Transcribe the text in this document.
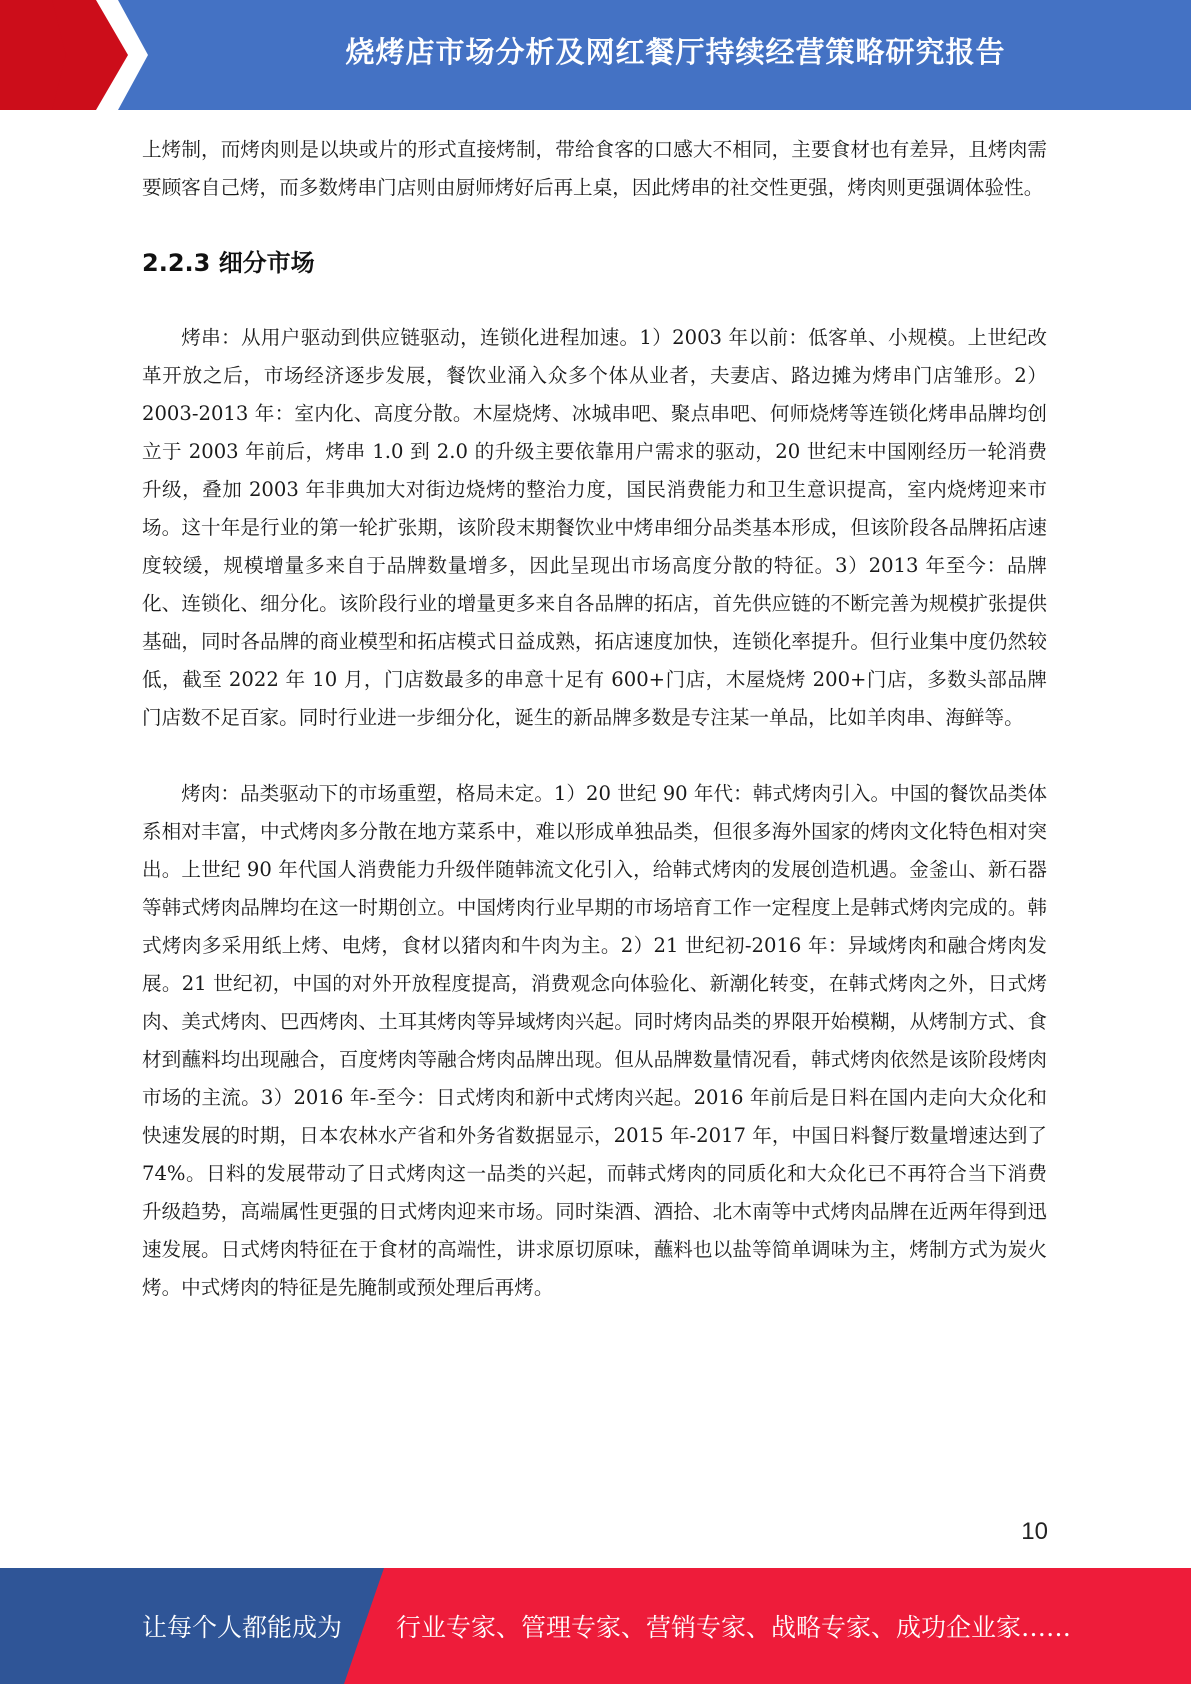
烧烤店市场分析及网红餐厅持续经营策略研究报告

上烤制，而烤肉则是以块或片的形式直接烤制，带给食客的口感大不相同，主要食材也有差异，且烤肉需要顾客自己烤，而多数烤串门店则由厨师烤好后再上桌，因此烤串的社交性更强，烤肉则更强调体验性。

2.2.3 细分市场

烤串：从用户驱动到供应链驱动，连锁化进程加速。1）2003 年以前：低客单、小规模。上世纪改革开放之后，市场经济逐步发展，餐饮业涌入众多个体从业者，夫妻店、路边摊为烤串门店雏形。2）2003-2013 年：室内化、高度分散。木屋烧烤、冰城串吧、聚点串吧、何师烧烤等连锁化烤串品牌均创立于 2003 年前后，烤串 1.0 到 2.0 的升级主要依靠用户需求的驱动，20 世纪末中国刚经历一轮消费升级，叠加 2003 年非典加大对街边烧烤的整治力度，国民消费能力和卫生意识提高，室内烧烤迎来市场。这十年是行业的第一轮扩张期，该阶段末期餐饮业中烤串细分品类基本形成，但该阶段各品牌拓店速度较缓，规模增量多来自于品牌数量增多，因此呈现出市场高度分散的特征。3）2013 年至今：品牌化、连锁化、细分化。该阶段行业的增量更多来自各品牌的拓店，首先供应链的不断完善为规模扩张提供基础，同时各品牌的商业模型和拓店模式日益成熟，拓店速度加快，连锁化率提升。但行业集中度仍然较低，截至 2022 年 10 月，门店数最多的串意十足有 600+门店，木屋烧烤 200+门店，多数头部品牌门店数不足百家。同时行业进一步细分化，诞生的新品牌多数是专注某一单品，比如羊肉串、海鲜等。

烤肉：品类驱动下的市场重塑，格局未定。1）20 世纪 90 年代：韩式烤肉引入。中国的餐饮品类体系相对丰富，中式烤肉多分散在地方菜系中，难以形成单独品类，但很多海外国家的烤肉文化特色相对突出。上世纪 90 年代国人消费能力升级伴随韩流文化引入，给韩式烤肉的发展创造机遇。金釜山、新石器等韩式烤肉品牌均在这一时期创立。中国烤肉行业早期的市场培育工作一定程度上是韩式烤肉完成的。韩式烤肉多采用纸上烤、电烤，食材以猪肉和牛肉为主。2）21 世纪初-2016 年：异域烤肉和融合烤肉发展。21 世纪初，中国的对外开放程度提高，消费观念向体验化、新潮化转变，在韩式烤肉之外，日式烤肉、美式烤肉、巴西烤肉、土耳其烤肉等异域烤肉兴起。同时烤肉品类的界限开始模糊，从烤制方式、食材到蘸料均出现融合，百度烤肉等融合烤肉品牌出现。但从品牌数量情况看，韩式烤肉依然是该阶段烤肉市场的主流。3）2016 年-至今：日式烤肉和新中式烤肉兴起。2016 年前后是日料在国内走向大众化和快速发展的时期，日本农林水产省和外务省数据显示，2015 年-2017 年，中国日料餐厅数量增速达到了 74%。日料的发展带动了日式烤肉这一品类的兴起，而韩式烤肉的同质化和大众化已不再符合当下消费升级趋势，高端属性更强的日式烤肉迎来市场。同时柒酒、酒拾、北木南等中式烤肉品牌在近两年得到迅速发展。日式烤肉特征在于食材的高端性，讲求原切原味，蘸料也以盐等简单调味为主，烤制方式为炭火烤。中式烤肉的特征是先腌制或预处理后再烤。

10
让每个人都能成为 行业专家、管理专家、营销专家、战略专家、成功企业家……
